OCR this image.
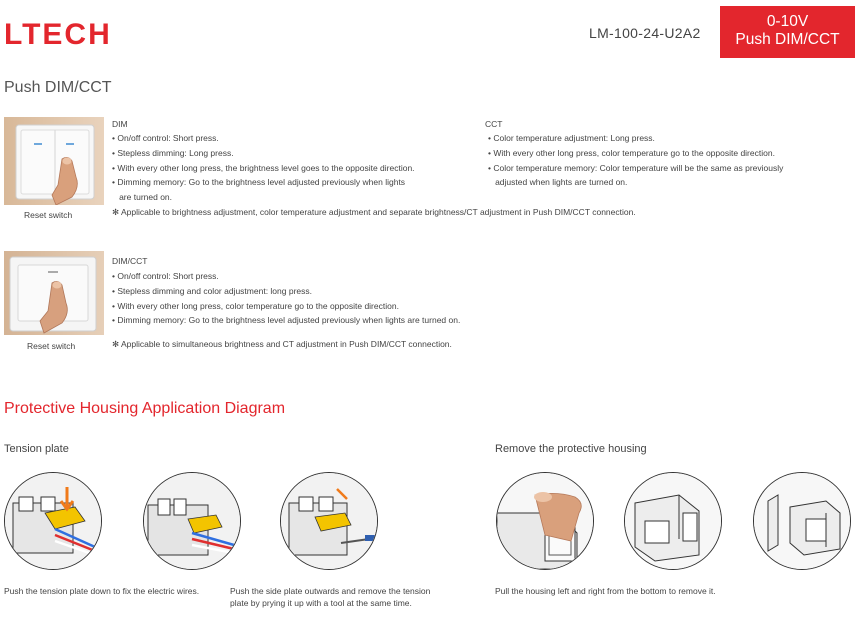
LTECH	LM-100-24-U2A2
0-10V
Push DIM/CCT
Push DIM/CCT
Reset switch
DIM
• On/off control: Short press.
• Stepless dimming: Long press.
• With every other long press, the brightness level goes to the opposite direction.
• Dimming memory: Go to the brightness level adjusted previously when lights
are turned on.
CCT
• Color temperature adjustment: Long press.
• With every other long press, color temperature go to the opposite direction.
• Color temperature memory: Color temperature will be the same as previously
adjusted when lights are turned on.
✻ Applicable to brightness adjustment, color temperature adjustment and separate brightness/CT adjustment in Push DIM/CCT connection.
Reset switch
DIM/CCT
• On/off control: Short press.
• Stepless dimming and color adjustment: long press.
• With every other long press, color temperature go to the opposite direction.
• Dimming memory: Go to the brightness level adjusted previously when lights are turned on.
✻ Applicable to simultaneous brightness and CT adjustment in Push DIM/CCT connection.
Protective Housing Application Diagram
Tension plate	Remove the protective housing
Push the tension plate down to fix the electric wires.	Push the side plate outwards and remove the tension
plate by prying it up with a tool at the same time.
Pull the housing left and right from the bottom to remove it.
